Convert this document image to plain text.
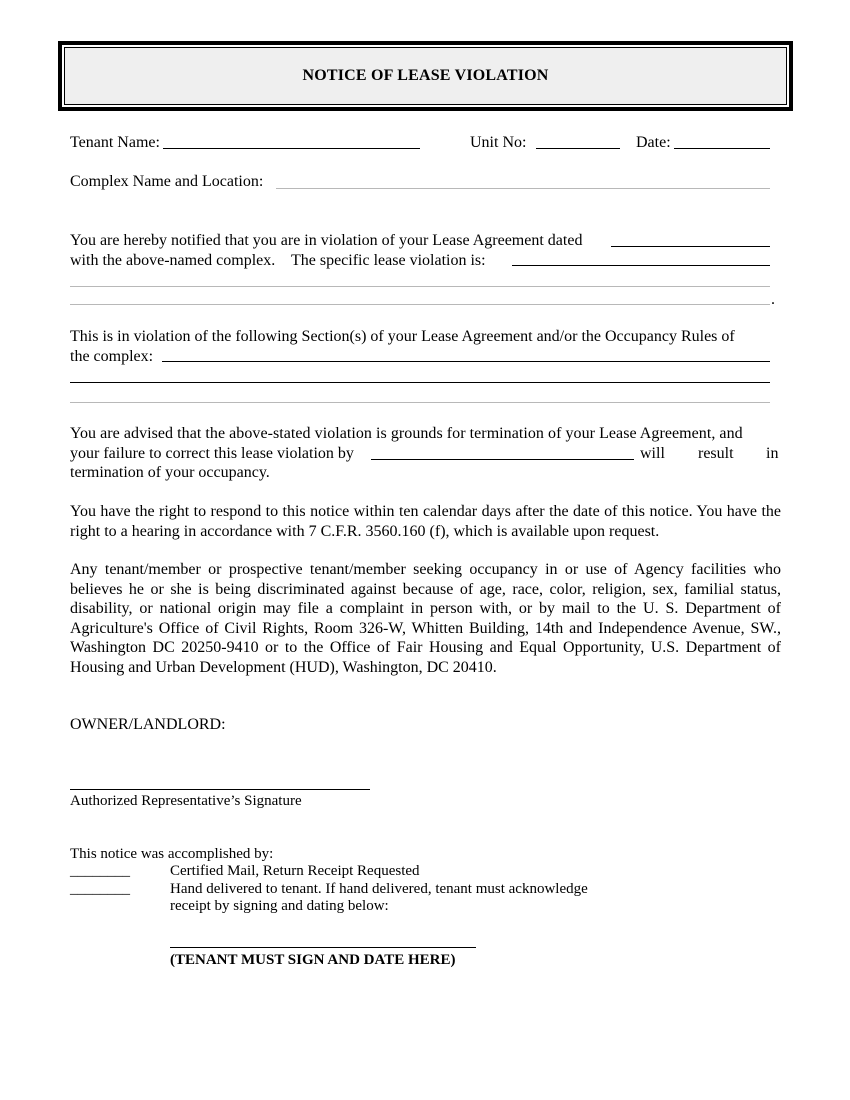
NOTICE OF LEASE VIOLATION
Tenant Name:	Unit No:	Date:
Complex Name and Location:
You are hereby notified that you are in violation of your Lease Agreement dated
with the above-named complex.    The specific lease violation is:
.
This is in violation of the following Section(s) of your Lease Agreement and/or the Occupancy Rules of
the complex:
You are advised that the above-stated violation is grounds for termination of your Lease Agreement, and
your failure to correct this lease violation by	will result in
termination of your occupancy.
You have the right to respond to this notice within ten calendar days after the date of this notice. You have the right to a hearing in accordance with 7 C.F.R. 3560.160 (f), which is available upon request.
Any tenant/member or prospective tenant/member seeking occupancy in or use of Agency facilities who believes he or she is being discriminated against because of age, race, color, religion, sex, familial status, disability, or national origin may file a complaint in person with, or by mail to the U. S. Department of Agriculture's Office of Civil Rights, Room 326-W, Whitten Building, 14th and Independence Avenue, SW., Washington DC 20250-9410 or to the Office of Fair Housing and Equal Opportunity, U.S. Department of Housing and Urban Development (HUD), Washington, DC 20410.
OWNER/LANDLORD:
Authorized Representative’s Signature
This notice was accomplished by:
________	Certified Mail, Return Receipt Requested
________	Hand delivered to tenant. If hand delivered, tenant must acknowledge
receipt by signing and dating below:
(TENANT MUST SIGN AND DATE HERE)
